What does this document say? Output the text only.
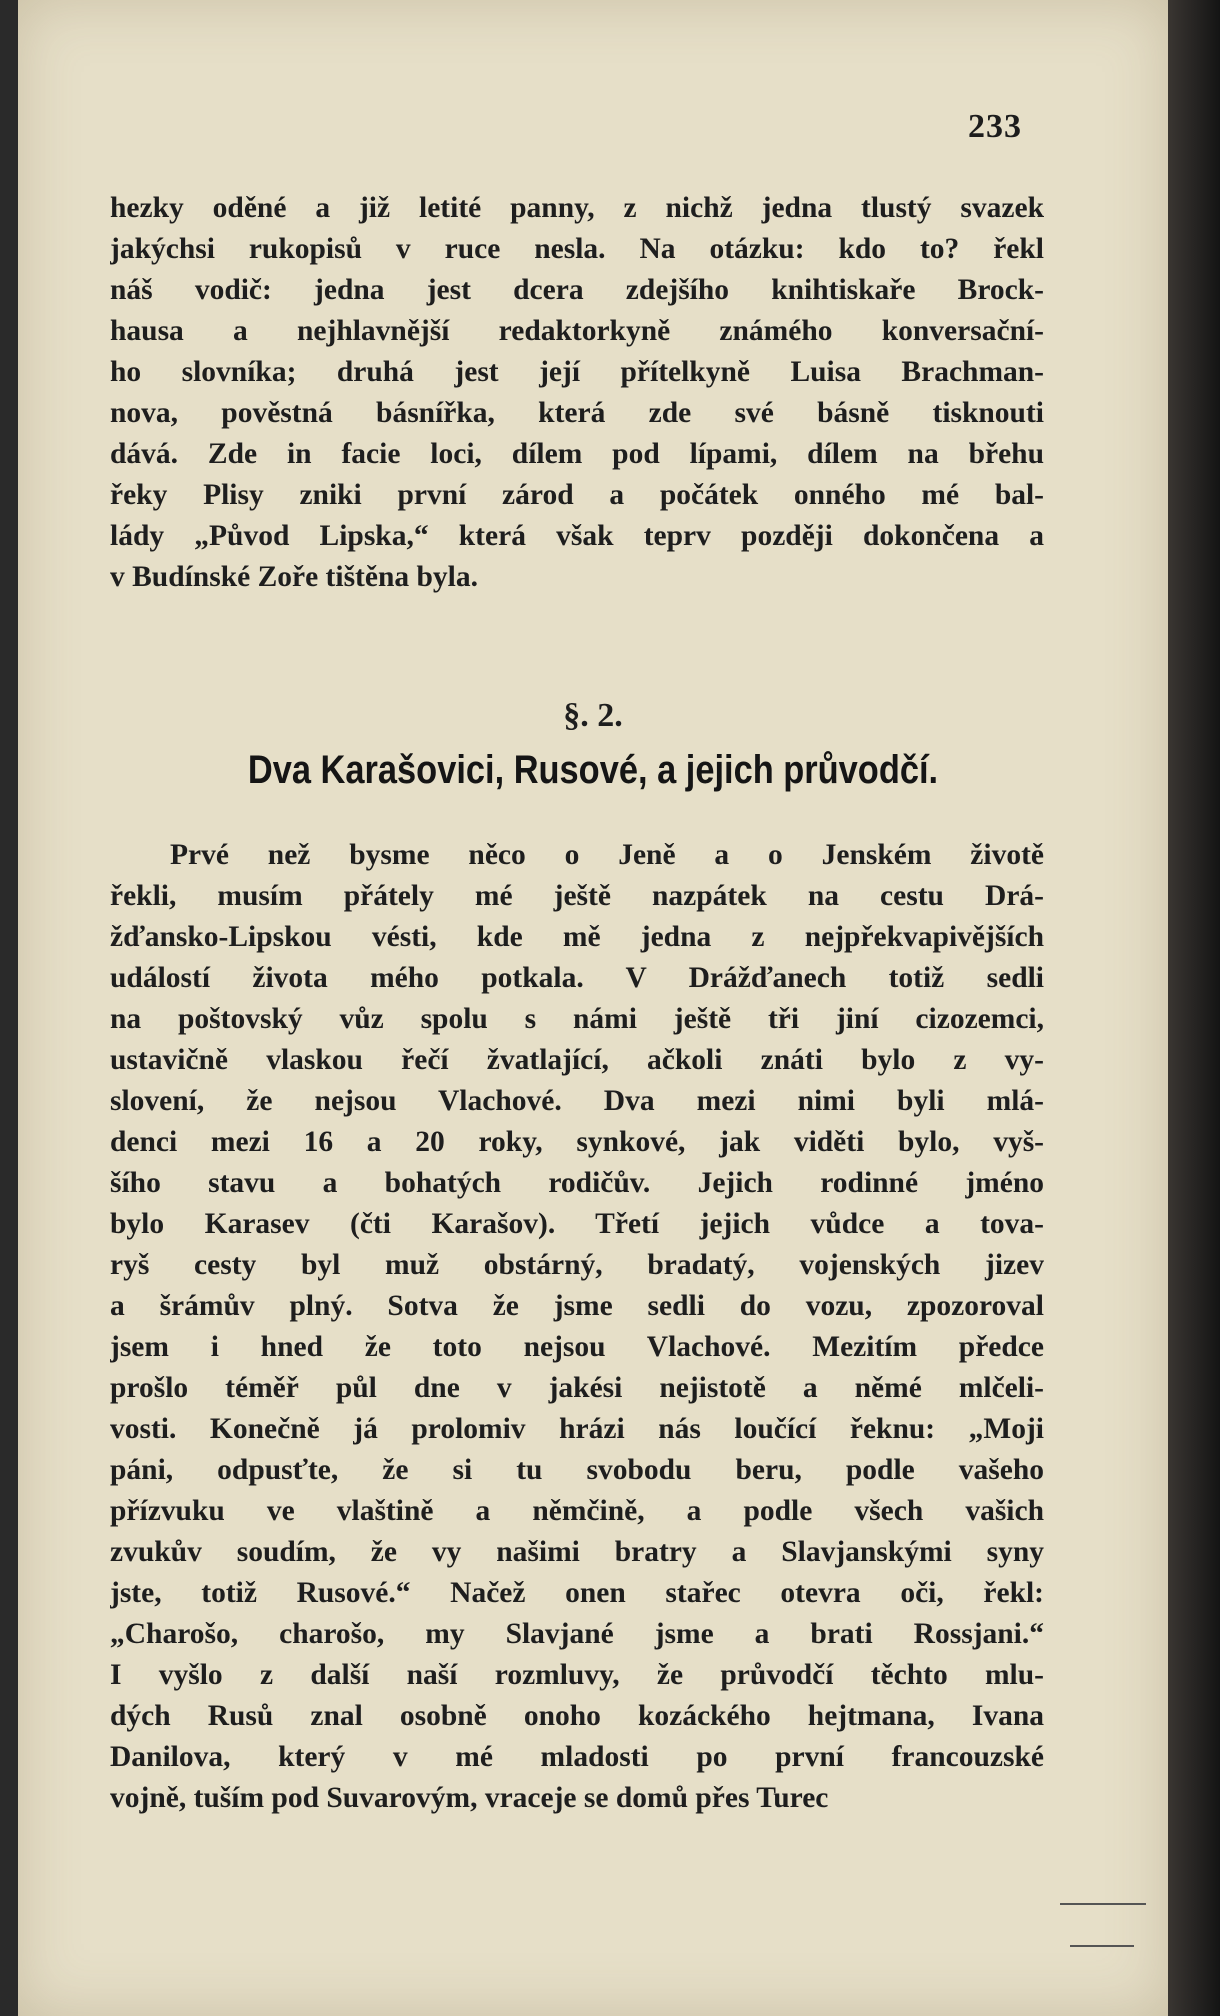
233
hezky oděné a již letité panny, z nichž jedna tlustý svazek
jakýchsi rukopisů v ruce nesla. Na otázku: kdo to? řekl
náš vodič: jedna jest dcera zdejšího knihtiskaře Brock-
hausa a nejhlavnější redaktorkyně známého konversační-
ho slovníka; druhá jest její přítelkyně Luisa Brachman-
nova, pověstná básnířka, která zde své básně tisknouti
dává. Zde in facie loci, dílem pod lípami, dílem na břehu
řeky Plisy zniki první zárod a počátek onného mé bal-
lády „Původ Lipska,“ která však teprv později dokončena a
v Budínské Zoře tištěna byla.
§. 2.
Dva Karašovici, Rusové, a jejich průvodčí.
Prvé než bysme něco o Jeně a o Jenském životě
řekli, musím přátely mé ještě nazpátek na cestu Drá-
žďansko-Lipskou vésti, kde mě jedna z nejpřekvapivějších
událostí života mého potkala. V Drážďanech totiž sedli
na poštovský vůz spolu s námi ještě tři jiní cizozemci,
ustavičně vlaskou řečí žvatlající, ačkoli znáti bylo z vy-
slovení, že nejsou Vlachové. Dva mezi nimi byli mlá-
denci mezi 16 a 20 roky, synkové, jak viděti bylo, vyš-
šího stavu a bohatých rodičův. Jejich rodinné jméno
bylo Karasev (čti Karašov). Třetí jejich vůdce a tova-
ryš cesty byl muž obstárný, bradatý, vojenských jizev
a šrámův plný. Sotva že jsme sedli do vozu, zpozoroval
jsem i hned že toto nejsou Vlachové. Mezitím předce
prošlo téměř půl dne v jakési nejistotě a němé mlčeli-
vosti. Konečně já prolomiv hrázi nás loučící řeknu: „Moji
páni, odpusťte, že si tu svobodu beru, podle vašeho
přízvuku ve vlaštině a němčině, a podle všech vašich
zvukův soudím, že vy našimi bratry a Slavjanskými syny
jste, totiž Rusové.“ Načež onen stařec otevra oči, řekl:
„Charošo, charošo, my Slavjané jsme a brati Rossjani.“
I vyšlo z další naší rozmluvy, že průvodčí těchto mlu-
dých Rusů znal osobně onoho kozáckého hejtmana, Ivana
Danilova, který v mé mladosti po první francouzské
vojně, tuším pod Suvarovým, vraceje se domů přes Turec
